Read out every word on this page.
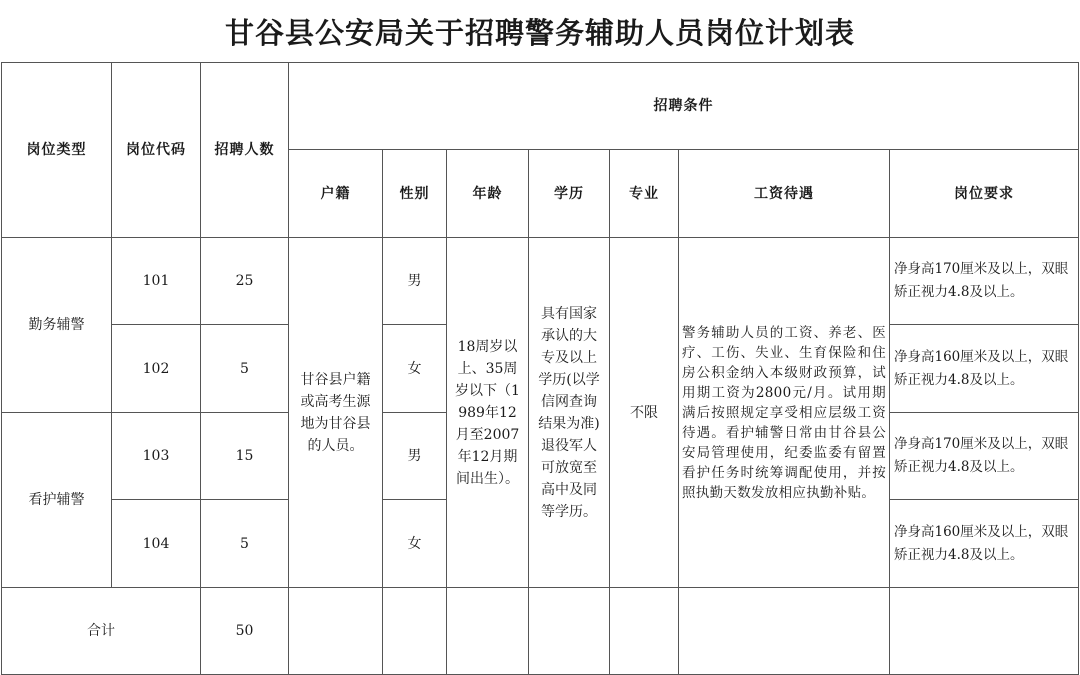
甘谷县公安局关于招聘警务辅助人员岗位计划表
岗位类型	岗位代码	招聘人数	招聘条件						
			户籍	性别	年龄	学历	专业	工资待遇	岗位要求
勤务辅警	101	25	甘谷县户籍或高考生源地为甘谷县的人员。	男	18周岁以上、35周岁以下（1989年12月至2007年12月期间出生）。	具有国家承认的大专及以上学历(以学信网查询结果为准)退役军人可放宽至高中及同等学历。	不限	警务辅助人员的工资、养老、医疗、工伤、失业、生育保险和住房公积金纳入本级财政预算，试用期工资为2800元/月。试用期满后按照规定享受相应层级工资待遇。看护辅警日常由甘谷县公安局管理使用，纪委监委有留置看护任务时统筹调配使用，并按照执勤天数发放相应执勤补贴。	净身高170厘米及以上，双眼矫正视力4.8及以上。
	102	5		女					净身高160厘米及以上，双眼矫正视力4.8及以上。
看护辅警	103	15		男					净身高170厘米及以上，双眼矫正视力4.8及以上。
	104	5		女					净身高160厘米及以上，双眼矫正视力4.8及以上。
合计		50							
